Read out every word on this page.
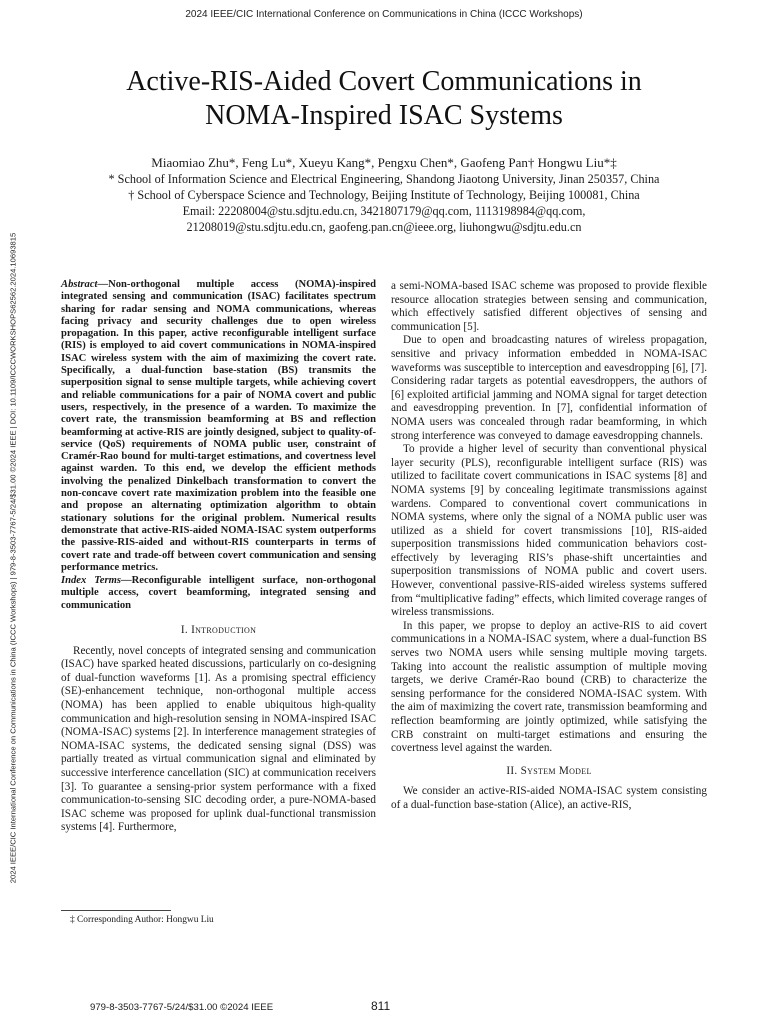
2024 IEEE/CIC International Conference on Communications in China (ICCC Workshops)
2024 IEEE/CIC International Conference on Communications in China (ICCC Workshops) | 979-8-3503-7767-5/24/$31.00 ©2024 IEEE | DOI: 10.1109/ICCCWORKSHOPS62562.2024.10693815
Active-RIS-Aided Covert Communications in
NOMA-Inspired ISAC Systems
Miaomiao Zhu*, Feng Lu*, Xueyu Kang*, Pengxu Chen*, Gaofeng Pan† Hongwu Liu*‡
* School of Information Science and Electrical Engineering, Shandong Jiaotong University, Jinan 250357, China
† School of Cyberspace Science and Technology, Beijing Institute of Technology, Beijing 100081, China
Email: 22208004@stu.sdjtu.edu.cn, 3421807179@qq.com, 1113198984@qq.com,
21208019@stu.sdjtu.edu.cn, gaofeng.pan.cn@ieee.org, liuhongwu@sdjtu.edu.cn

Abstract—Non-orthogonal multiple access (NOMA)-inspired integrated sensing and communication (ISAC) facilitates spectrum sharing for radar sensing and NOMA communications, whereas facing privacy and security challenges due to open wireless propagation. In this paper, active reconfigurable intelligent surface (RIS) is employed to aid covert communications in NOMA-inspired ISAC wireless system with the aim of maximizing the covert rate. Specifically, a dual-function base-station (BS) transmits the superposition signal to sense multiple targets, while achieving covert and reliable communications for a pair of NOMA covert and public users, respectively, in the presence of a warden. To maximize the covert rate, the transmission beamforming at BS and reflection beamforming at active-RIS are jointly designed, subject to quality-of-service (QoS) requirements of NOMA public user, constraint of Cramér-Rao bound for multi-target estimations, and covertness level against warden. To this end, we develop the efficient methods involving the penalized Dinkelbach transformation to convert the non-concave covert rate maximization problem into the feasible one and propose an alternating optimization algorithm to obtain stationary solutions for the original problem. Numerical results demonstrate that active-RIS-aided NOMA-ISAC system outperforms the passive-RIS-aided and without-RIS counterparts in terms of covert rate and trade-off between covert communication and sensing performance metrics.

Index Terms—Reconfigurable intelligent surface, non-orthogonal multiple access, covert beamforming, integrated sensing and communication

I. Introduction

Recently, novel concepts of integrated sensing and communication (ISAC) have sparked heated discussions, particularly on co-designing of dual-function waveforms [1]. As a promising spectral efficiency (SE)-enhancement technique, non-orthogonal multiple access (NOMA) has been applied to enable ubiquitous high-quality communication and high-resolution sensing in NOMA-inspired ISAC (NOMA-ISAC) systems [2]. In interference management strategies of NOMA-ISAC systems, the dedicated sensing signal (DSS) was partially treated as virtual communication signal and eliminated by successive interference cancellation (SIC) at communication receivers [3]. To guarantee a sensing-prior system performance with a fixed communication-to-sensing SIC decoding order, a pure-NOMA-based ISAC scheme was proposed for uplink dual-functional transmission systems [4]. Furthermore,

a semi-NOMA-based ISAC scheme was proposed to provide flexible resource allocation strategies between sensing and communication, which effectively satisfied different objectives of sensing and communication [5].

Due to open and broadcasting natures of wireless propagation, sensitive and privacy information embedded in NOMA-ISAC waveforms was susceptible to interception and eavesdropping [6], [7]. Considering radar targets as potential eavesdroppers, the authors of [6] exploited artificial jamming and NOMA signal for target detection and eavesdropping prevention. In [7], confidential information of NOMA users was concealed through radar beamforming, in which strong interference was conveyed to damage eavesdropping channels.

To provide a higher level of security than conventional physical layer security (PLS), reconfigurable intelligent surface (RIS) was utilized to facilitate covert communications in ISAC systems [8] and NOMA systems [9] by concealing legitimate transmissions against wardens. Compared to conventional covert communications in NOMA systems, where only the signal of a NOMA public user was utilized as a shield for covert transmissions [10], RIS-aided superposition transmissions hided communication behaviors cost-effectively by leveraging RIS’s phase-shift uncertainties and superposition transmissions of NOMA public and covert users. However, conventional passive-RIS-aided wireless systems suffered from “multiplicative fading” effects, which limited coverage ranges of wireless transmissions.

In this paper, we propse to deploy an active-RIS to aid covert communications in a NOMA-ISAC system, where a dual-function BS serves two NOMA users while sensing multiple moving targets. Taking into account the realistic assumption of multiple moving targets, we derive Cramér-Rao bound (CRB) to characterize the sensing performance for the considered NOMA-ISAC system. With the aim of maximizing the covert rate, transmission beamforming and reflection beamforming are jointly optimized, while satisfying the CRB constraint on multi-target estimations and ensuring the covertness level against the warden.

II. System Model

We consider an active-RIS-aided NOMA-ISAC system consisting of a dual-function base-station (Alice), an active-RIS,

‡ Corresponding Author: Hongwu Liu
979-8-3503-7767-5/24/$31.00 ©2024 IEEE	811
